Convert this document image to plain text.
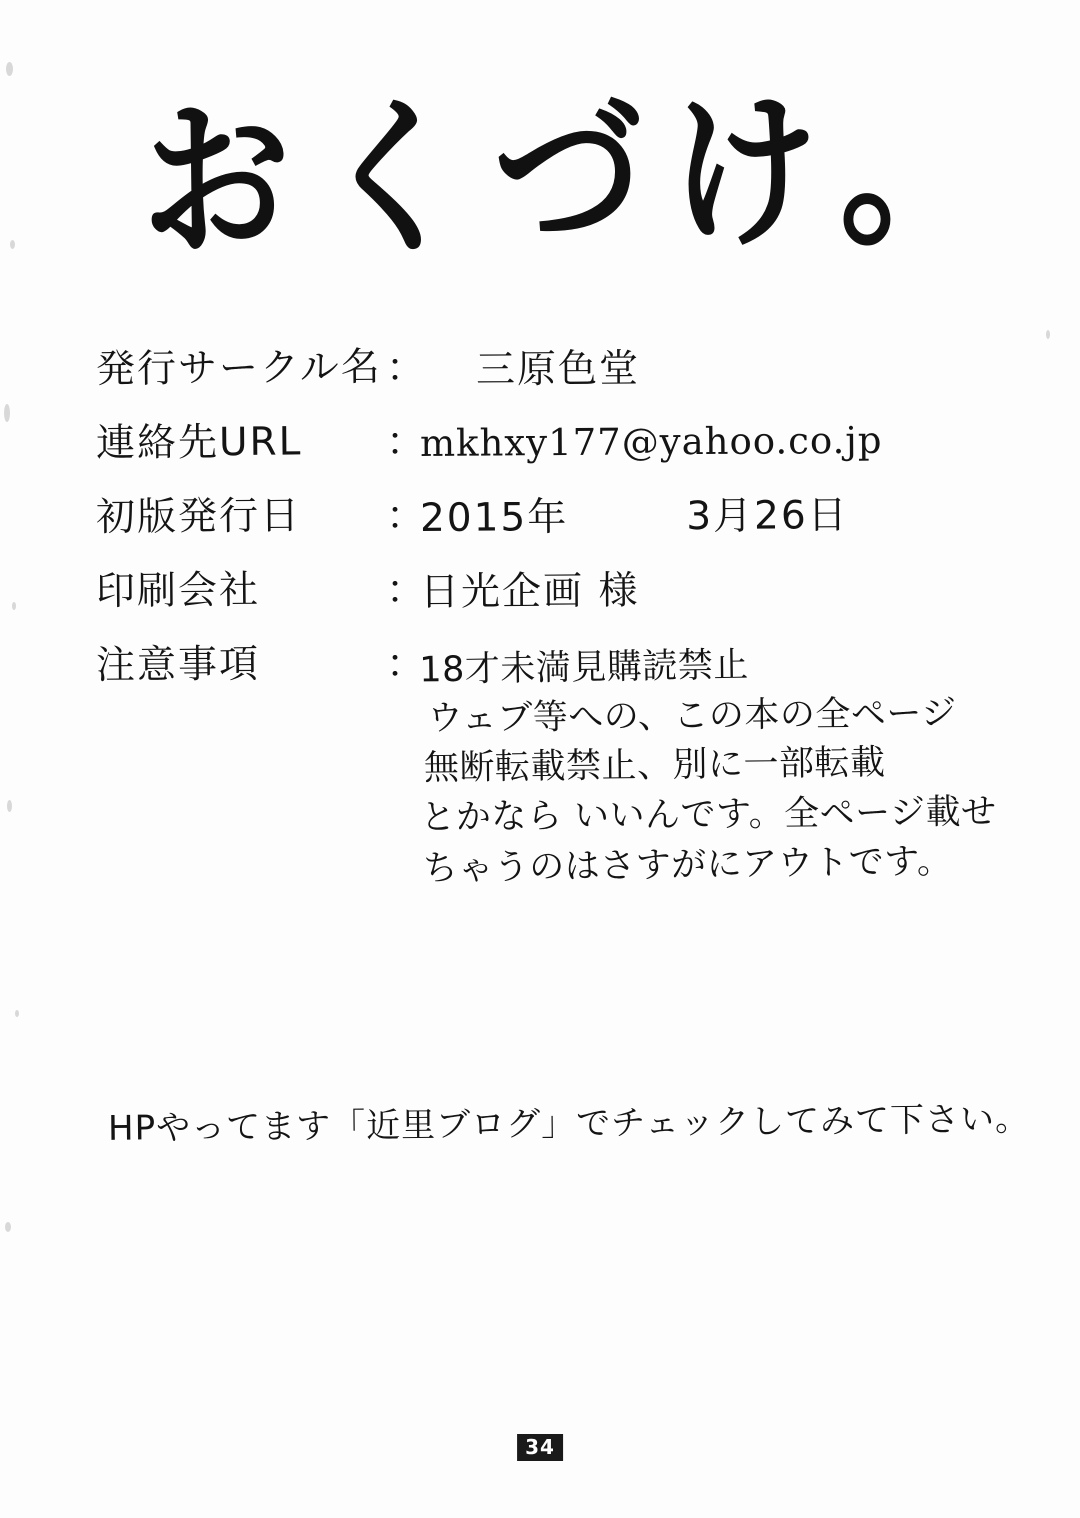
おくづけ。
発行サークル名 ：	三原色堂
連絡先URL	：
mkhxy177@yahoo.co.jp
初版発行日	：
2015年	3月26日
印刷会社	：
日光企画 様
注意事項	：
18才未満見購読禁止
ウェブ等への、この本の全ページ
無断転載禁止、別に一部転載
とかなら いいんです。全ページ載せ
ちゃうのはさすがにアウトです。
HPやってます「近里ブログ」でチェックしてみて下さい。
34
